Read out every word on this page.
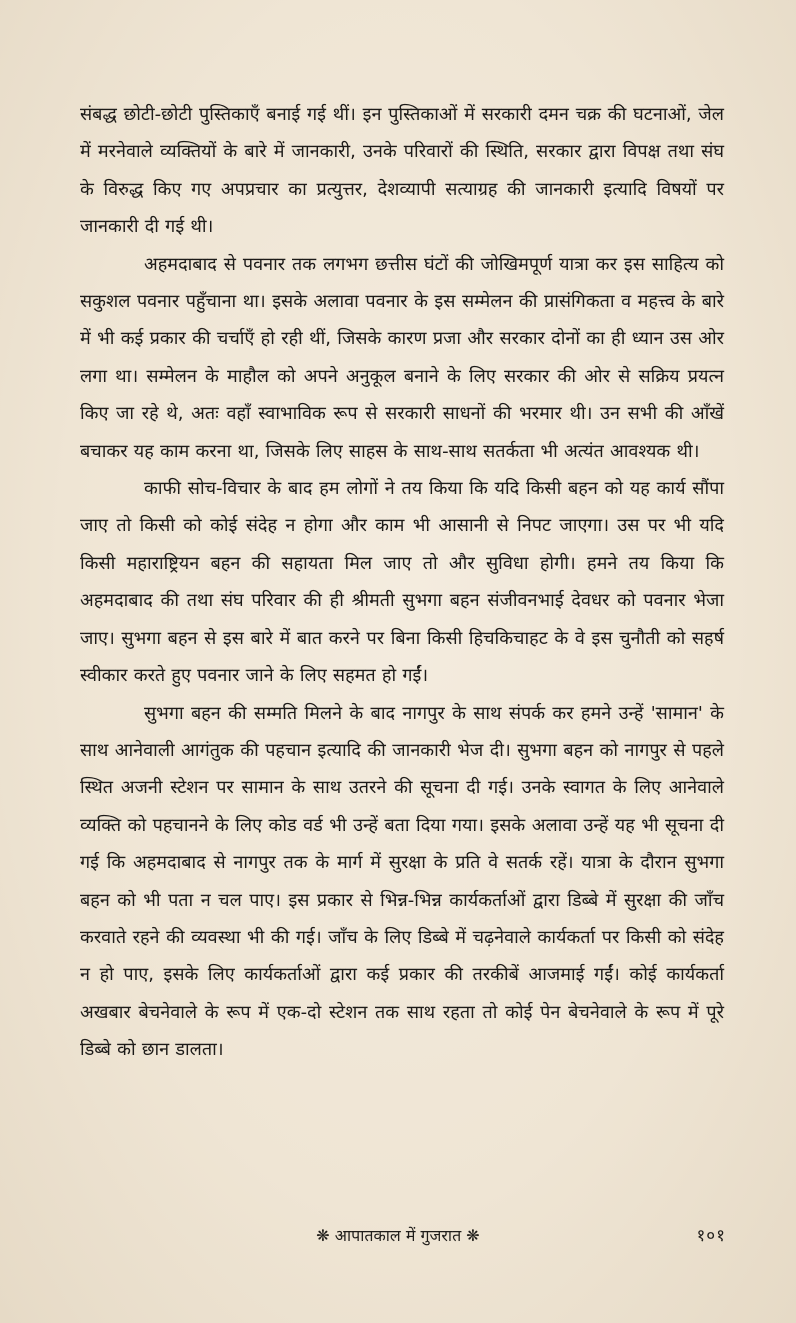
संबद्ध छोटी-छोटी पुस्तिकाएँ बनाई गई थीं। इन पुस्तिकाओं में सरकारी दमन चक्र की घटनाओं, जेल में मरनेवाले व्यक्तियों के बारे में जानकारी, उनके परिवारों की स्थिति, सरकार द्वारा विपक्ष तथा संघ के विरुद्ध किए गए अपप्रचार का प्रत्युत्तर, देशव्यापी सत्याग्रह की जानकारी इत्यादि विषयों पर जानकारी दी गई थी।

अहमदाबाद से पवनार तक लगभग छत्तीस घंटों की जोखिमपूर्ण यात्रा कर इस साहित्य को सकुशल पवनार पहुँचाना था। इसके अलावा पवनार के इस सम्मेलन की प्रासंगिकता व महत्त्व के बारे में भी कई प्रकार की चर्चाएँ हो रही थीं, जिसके कारण प्रजा और सरकार दोनों का ही ध्यान उस ओर लगा था। सम्मेलन के माहौल को अपने अनुकूल बनाने के लिए सरकार की ओर से सक्रिय प्रयत्न किए जा रहे थे, अतः वहाँ स्वाभाविक रूप से सरकारी साधनों की भरमार थी। उन सभी की आँखें बचाकर यह काम करना था, जिसके लिए साहस के साथ-साथ सतर्कता भी अत्यंत आवश्यक थी।

काफी सोच-विचार के बाद हम लोगों ने तय किया कि यदि किसी बहन को यह कार्य सौंपा जाए तो किसी को कोई संदेह न होगा और काम भी आसानी से निपट जाएगा। उस पर भी यदि किसी महाराष्ट्रियन बहन की सहायता मिल जाए तो और सुविधा होगी। हमने तय किया कि अहमदाबाद की तथा संघ परिवार की ही श्रीमती सुभगा बहन संजीवनभाई देवधर को पवनार भेजा जाए। सुभगा बहन से इस बारे में बात करने पर बिना किसी हिचकिचाहट के वे इस चुनौती को सहर्ष स्वीकार करते हुए पवनार जाने के लिए सहमत हो गईं।

सुभगा बहन की सम्मति मिलने के बाद नागपुर के साथ संपर्क कर हमने उन्हें 'सामान' के साथ आनेवाली आगंतुक की पहचान इत्यादि की जानकारी भेज दी। सुभगा बहन को नागपुर से पहले स्थित अजनी स्टेशन पर सामान के साथ उतरने की सूचना दी गई। उनके स्वागत के लिए आनेवाले व्यक्ति को पहचानने के लिए कोड वर्ड भी उन्हें बता दिया गया। इसके अलावा उन्हें यह भी सूचना दी गई कि अहमदाबाद से नागपुर तक के मार्ग में सुरक्षा के प्रति वे सतर्क रहें। यात्रा के दौरान सुभगा बहन को भी पता न चल पाए। इस प्रकार से भिन्न-भिन्न कार्यकर्ताओं द्वारा डिब्बे में सुरक्षा की जाँच करवाते रहने की व्यवस्था भी की गई। जाँच के लिए डिब्बे में चढ़नेवाले कार्यकर्ता पर किसी को संदेह न हो पाए, इसके लिए कार्यकर्ताओं द्वारा कई प्रकार की तरकीबें आजमाई गईं। कोई कार्यकर्ता अखबार बेचनेवाले के रूप में एक-दो स्टेशन तक साथ रहता तो कोई पेन बेचनेवाले के रूप में पूरे डिब्बे को छान डालता।

❋ आपातकाल में गुजरात ❋	१०१
